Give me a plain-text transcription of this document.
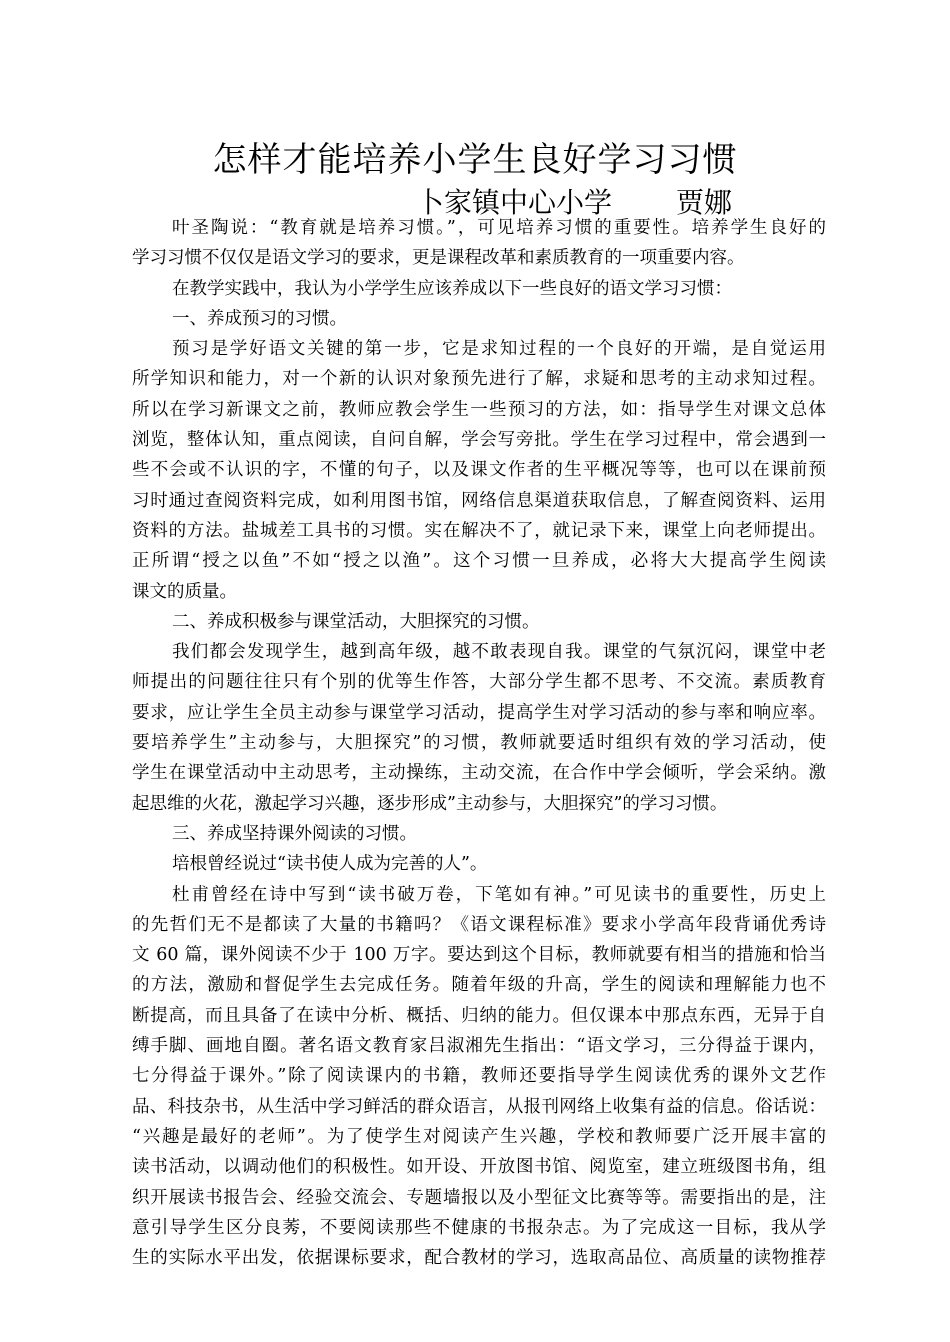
怎样才能培养小学生良好学习习惯
卜家镇中心小学 贾娜
叶圣陶说：“教育就是培养习惯。”，可见培养习惯的重要性。培养学生良好的
学习习惯不仅仅是语文学习的要求，更是课程改革和素质教育的一项重要内容。
在教学实践中，我认为小学学生应该养成以下一些良好的语文学习习惯：
一、养成预习的习惯。
预习是学好语文关键的第一步，它是求知过程的一个良好的开端，是自觉运用
所学知识和能力，对一个新的认识对象预先进行了解，求疑和思考的主动求知过程。
所以在学习新课文之前，教师应教会学生一些预习的方法，如：指导学生对课文总体
浏览，整体认知，重点阅读，自问自解，学会写旁批。学生在学习过程中，常会遇到一
些不会或不认识的字，不懂的句子，以及课文作者的生平概况等等，也可以在课前预
习时通过查阅资料完成，如利用图书馆，网络信息渠道获取信息，了解查阅资料、运用
资料的方法。盐城差工具书的习惯。实在解决不了，就记录下来，课堂上向老师提出。
正所谓“授之以鱼”不如“授之以渔”。这个习惯一旦养成，必将大大提高学生阅读
课文的质量。
二、养成积极参与课堂活动，大胆探究的习惯。
我们都会发现学生，越到高年级，越不敢表现自我。课堂的气氛沉闷，课堂中老
师提出的问题往往只有个别的优等生作答，大部分学生都不思考、不交流。素质教育
要求，应让学生全员主动参与课堂学习活动，提高学生对学习活动的参与率和响应率。
要培养学生”主动参与，大胆探究”的习惯，教师就要适时组织有效的学习活动，使
学生在课堂活动中主动思考，主动操练，主动交流，在合作中学会倾听，学会采纳。激
起思维的火花，激起学习兴趣，逐步形成”主动参与，大胆探究”的学习习惯。
三、养成坚持课外阅读的习惯。
培根曾经说过“读书使人成为完善的人”。
杜甫曾经在诗中写到“读书破万卷，下笔如有神。”可见读书的重要性，历史上
的先哲们无不是都读了大量的书籍吗？《语文课程标准》要求小学高年段背诵优秀诗
文 60 篇，课外阅读不少于 100 万字。要达到这个目标，教师就要有相当的措施和恰当
的方法，激励和督促学生去完成任务。随着年级的升高，学生的阅读和理解能力也不
断提高，而且具备了在读中分析、概括、归纳的能力。但仅课本中那点东西，无异于自
缚手脚、画地自圈。著名语文教育家吕淑湘先生指出：“语文学习，三分得益于课内，
七分得益于课外。”除了阅读课内的书籍，教师还要指导学生阅读优秀的课外文艺作
品、科技杂书，从生活中学习鲜活的群众语言，从报刊网络上收集有益的信息。俗话说：
“兴趣是最好的老师”。为了使学生对阅读产生兴趣，学校和教师要广泛开展丰富的
读书活动，以调动他们的积极性。如开设、开放图书馆、阅览室，建立班级图书角，组
织开展读书报告会、经验交流会、专题墙报以及小型征文比赛等等。需要指出的是，注
意引导学生区分良莠，不要阅读那些不健康的书报杂志。为了完成这一目标，我从学
生的实际水平出发，依据课标要求，配合教材的学习，选取高品位、高质量的读物推荐
